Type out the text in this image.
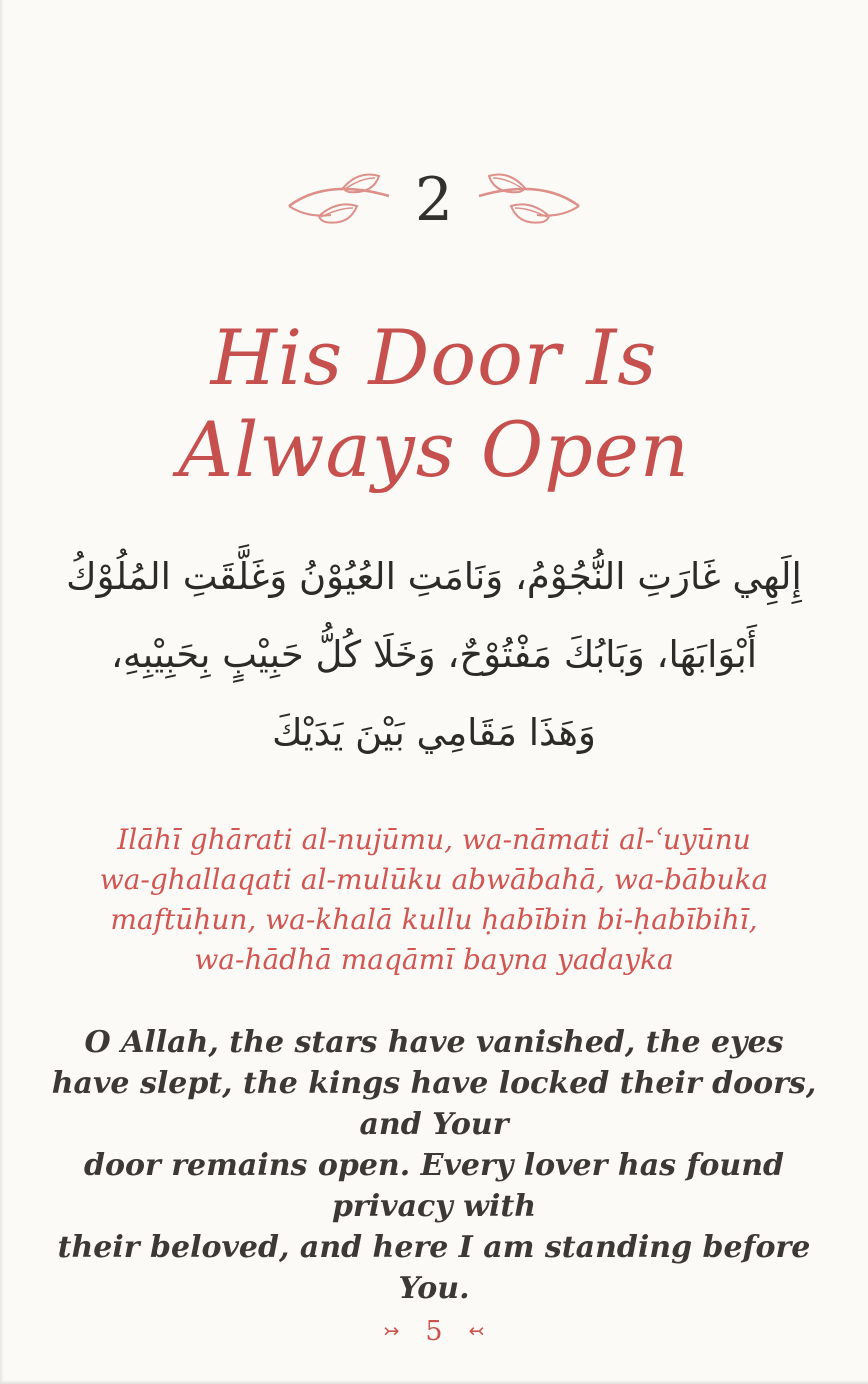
2
His Door Is
Always Open
إِلَهِي غَارَتِ النُّجُوْمُ، وَنَامَتِ العُيُوْنُ وَغَلَّقَتِ المُلُوْكُ
أَبْوَابَهَا، وَبَابُكَ مَفْتُوْحٌ، وَخَلَا كُلُّ حَبِيْبٍ بِحَبِيْبِهِ،
وَهَذَا مَقَامِي بَيْنَ يَدَيْكَ
Ilāhī ghārati al-nujūmu, wa-nāmati al-ʿuyūnu
wa-ghallaqati al-mulūku abwābahā, wa-bābuka
maftūḥun, wa-khalā kullu ḥabībin bi-ḥabībihī,
wa-hādhā maqāmī bayna yadayka
O Allah, the stars have vanished, the eyes
have slept, the kings have locked their doors, and Your
door remains open. Every lover has found privacy with
their beloved, and here I am standing before You.
↣ 5 ↢
